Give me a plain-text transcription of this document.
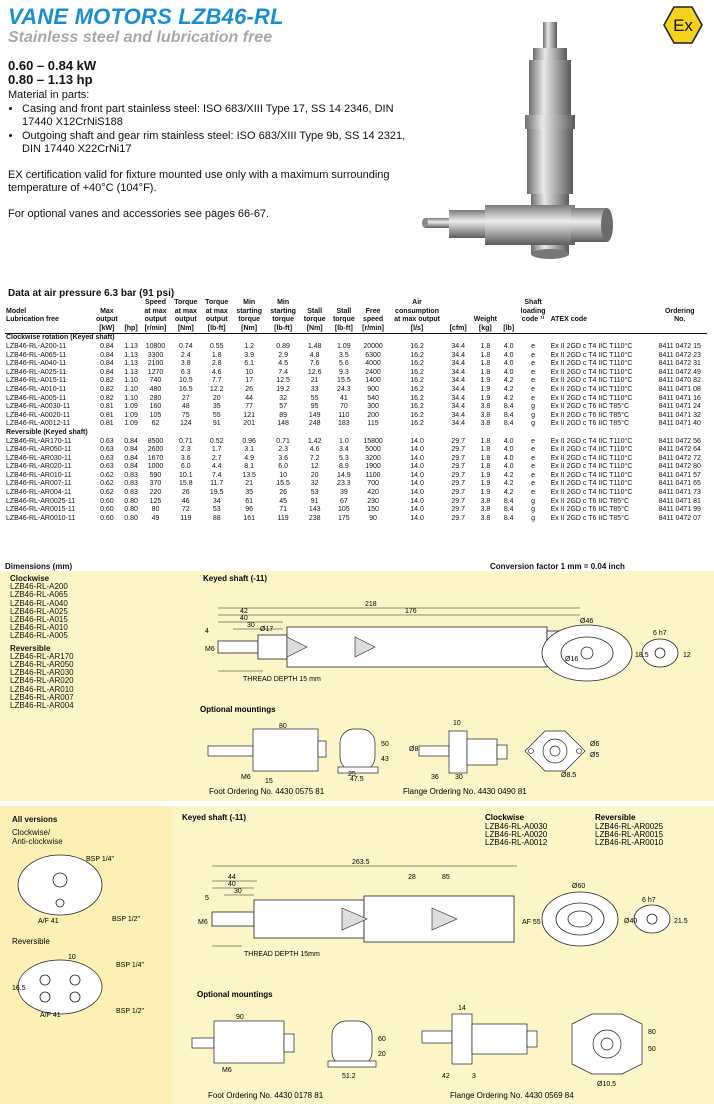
VANE MOTORS LZB46-RL
Stainless steel and lubrication free
Ex
0.60 – 0.84 kW
0.80 – 1.13 hp
Material in parts:
• Casing and front part stainless steel: ISO 683/XIII Type 17, SS 14 2346, DIN 17440 X12CrNiS188
• Outgoing shaft and gear rim stainless steel: ISO 683/XIII Type 9b, SS 14 2321, DIN 17440 X22CrNi17

EX certification valid for fixture mounted use only with a maximum surrounding temperature of +40°C (104°F).

For optional vanes and accessories see pages 66-67.

Data at air pressure 6.3 bar (91 psi)
Model
Lubrication free	Max
output		Speed
at max
output	Torque
at max
output	Torque
at max
output	Min
starting
torque	Min
starting
torque	Stall
torque	Stall
torque	Free
speed	Air
consumption
at max output		Weight		Shaft
loading
code ¹⁾	ATEX code	Ordering
No.
	[kW]	[hp]	[r/min]	[Nm]	[lb-ft]	[Nm]	[lb-ft]	[Nm]	[lb-ft]	[r/min]	[l/s]	[cfm]	[kg]	[lb]			
Clockwise rotation (Keyed shaft)																	
LZB46-RL-A200-11	0.84	1.13	10800	0.74	0.55	1.2	0.89	1.48	1.09	20000	16.2	34.4	1.8	4.0	e	Ex II 2GD c T4 IIC T110°C	8411 0472 15
LZB46-RL-A065-11	0.84	1.13	3300	2.4	1.8	3.9	2.9	4.8	3.5	6300	16.2	34.4	1.8	4.0	e	Ex II 2GD c T4 IIC T110°C	8411 0472 23
LZB46-RL-A040-11	0.84	1.13	2100	3.8	2.8	6.1	4.5	7.6	5.6	4000	16.2	34.4	1.8	4.0	e	Ex II 2GD c T4 IIC T110°C	8411 0472 31
LZB46-RL-A025-11	0.84	1.13	1270	6.3	4.6	10	7.4	12.6	9.3	2400	16.2	34.4	1.8	4.0	e	Ex II 2GD c T4 IIC T110°C	8411 0472 49
LZB46-RL-A015-11	0.82	1.10	740	10.5	7.7	17	12.5	21	15.5	1400	16.2	34.4	1.9	4.2	e	Ex II 2GD c T4 IIC T110°C	8411 0470 82
LZB46-RL-A010-11	0.82	1.10	480	16.5	12.2	26	19.2	33	24.3	900	16.2	34.4	1.9	4.2	e	Ex II 2GD c T4 IIC T110°C	8411 0471 08
LZB46-RL-A005-11	0.82	1.10	280	27	20	44	32	55	41	540	16.2	34.4	1.9	4.2	e	Ex II 2GD c T4 IIC T110°C	8411 0471 16
LZB46-RL-A0030-11	0.81	1.09	160	48	35	77	57	95	70	300	16.2	34.4	3.8	8.4	g	Ex II 2GD c T6 IIC T85°C	8411 0471 24
LZB46-RL-A0020-11	0.81	1.09	105	75	55	121	89	149	110	200	16.2	34.4	3.8	8.4	g	Ex II 2GD c T6 IIC T85°C	8411 0471 32
LZB46-RL-A0012-11	0.81	1.09	62	124	91	201	148	248	183	115	16.2	34.4	3.8	8.4	g	Ex II 2GD c T6 IIC T85°C	8411 0471 40
Reversible (Keyed shaft)																	
LZB46-RL-AR170-11	0.63	0.84	8500	0.71	0.52	0.96	0.71	1.42	1.0	15800	14.0	29.7	1.8	4.0	e	Ex II 2GD c T4 IIC T110°C	8411 0472 56
LZB46-RL-AR050-11	0.63	0.84	2600	2.3	1.7	3.1	2.3	4.6	3.4	5000	14.0	29.7	1.8	4.0	e	Ex II 2GD c T4 IIC T110°C	8411 0472 64
LZB46-RL-AR030-11	0.63	0.84	1670	3.6	2.7	4.9	3.6	7.2	5.3	3200	14.0	29.7	1.8	4.0	e	Ex II 2GD c T4 IIC T110°C	8411 0472 72
LZB46-RL-AR020-11	0.63	0.84	1000	6.0	4.4	8.1	6.0	12	8.9	1900	14.0	29.7	1.8	4.0	e	Ex II 2GD c T4 IIC T110°C	8411 0472 80
LZB46-RL-AR010-11	0.62	0.83	590	10.1	7.4	13.5	10	20	14.9	1100	14.0	29.7	1.9	4.2	e	Ex II 2GD c T4 IIC T110°C	8411 0471 57
LZB46-RL-AR007-11	0.62	0.83	370	15.8	11.7	21	15.5	32	23.3	700	14.0	29.7	1.9	4.2	e	Ex II 2GD c T4 IIC T110°C	8411 0471 65
LZB46-RL-AR004-11	0.62	0.83	220	26	19.5	35	26	53	39	420	14.0	29.7	1.9	4.2	e	Ex II 2GD c T4 IIC T110°C	8411 0471 73
LZB46-RL-AR0025-11	0.60	0.80	125	46	34	61	45	91	67	230	14.0	29.7	3.8	8.4	g	Ex II 2GD c T6 IIC T85°C	8411 0471 81
LZB46-RL-AR0015-11	0.60	0.80	80	72	53	96	71	143	105	150	14.0	29.7	3.8	8.4	g	Ex II 2GD c T6 IIC T85°C	8411 0471 99
LZB46-RL-AR0010-11	0.60	0.80	49	119	88	161	119	238	175	90	14.0	29.7	3.8	8.4	g	Ex II 2GD c T6 IIC T85°C	8411 0472 07
Dimensions (mm)	Conversion factor 1 mm = 0.04 inch
Clockwise
LZB46-RL-A200
LZB46-RL-A065
LZB46-RL-A040
LZB46-RL-A025
LZB46-RL-A015
LZB46-RL-A010
LZB46-RL-A005
Reversible
LZB46-RL-AR170
LZB46-RL-AR050
LZB46-RL-AR030
LZB46-RL-AR020
LZB46-RL-AR010
LZB46-RL-AR007
LZB46-RL-AR004
Keyed shaft (-11)
218
176
42
40
30
4
M6
Ø17
THREAD DEPTH 15 mm
Ø46
Ø16
6 h7
12
18.5
Optional mountings
80
M6
15	47.5
50
43
25
10
36 30
Ø8
Ø8.5
Ø6
Ø5
Foot Ordering No. 4430 0575 81	Flange Ordering No. 4430 0490 81
All versions
Clockwise/
Anti-clockwise
BSP 1/4"
BSP 1/2"
A/F 41
Reversible
10
BSP 1/4"
BSP 1/2"
A/F 41
16.5
Keyed shaft (-11)	Clockwise
LZB46-RL-A0030
LZB46-RL-A0020
LZB46-RL-A0012
Reversible
LZB46-RL-AR0025
LZB46-RL-AR0015
LZB46-RL-AR0010
263.5
44
40
30
28	85
5
M6
THREAD DEPTH 15mm
AF 55
Ø60
6 h7
21.5
Ø40
Optional mountings
90
M6
60
20
51.2
14
42	3
80
50
Ø10.5
Foot Ordering No. 4430 0178 81	Flange Ordering No. 4430 0569 84
